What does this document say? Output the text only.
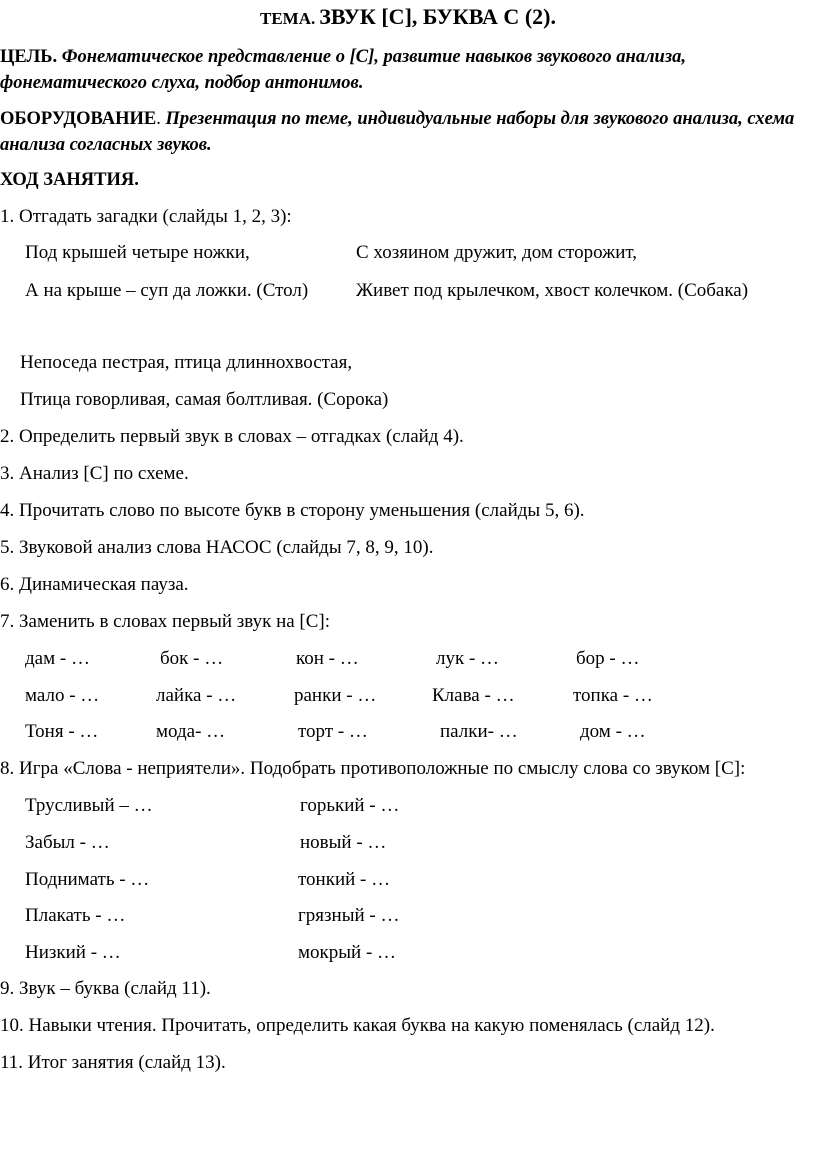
ТЕМА. ЗВУК [С], БУКВА С (2).
ЦЕЛЬ. Фонематическое представление о [С], развитие навыков звукового анализа, фонематического слуха, подбор антонимов.
ОБОРУДОВАНИЕ. Презентация по теме, индивидуальные наборы для звукового анализа, схема анализа согласных звуков.
ХОД ЗАНЯТИЯ.
1. Отгадать загадки (слайды 1, 2, 3):
Под крышей четыре ножки,	С хозяином дружит, дом сторожит,
А на крыше – суп да ложки. (Стол)	Живет под крылечком, хвост колечком. (Собака)
Непоседа пестрая, птица длиннохвостая,
Птица говорливая, самая болтливая. (Сорока)
2. Определить первый звук в словах – отгадках (слайд 4).
3. Анализ [С] по схеме.
4. Прочитать слово по высоте букв в сторону уменьшения (слайды 5, 6).
5. Звуковой анализ слова НАСОС (слайды 7, 8, 9, 10).
6. Динамическая пауза.
7. Заменить в словах первый звук на [С]:
дам - …	бок - …	кон - …	лук - …	бор - …
мало - …	лайка - …	ранки - …	Клава - …	топка - …
Тоня - …	мода- …	торт - …	палки- …	дом - …
8. Игра «Слова - неприятели». Подобрать противоположные по смыслу слова со звуком [С]:
Трусливый – …	горький - …
Забыл - …	новый - …
Поднимать - …	тонкий - …
Плакать - …	грязный - …
Низкий - …	мокрый - …
9. Звук – буква (слайд 11).
10. Навыки чтения. Прочитать, определить какая буква на какую поменялась (слайд 12).
11. Итог занятия (слайд 13).
